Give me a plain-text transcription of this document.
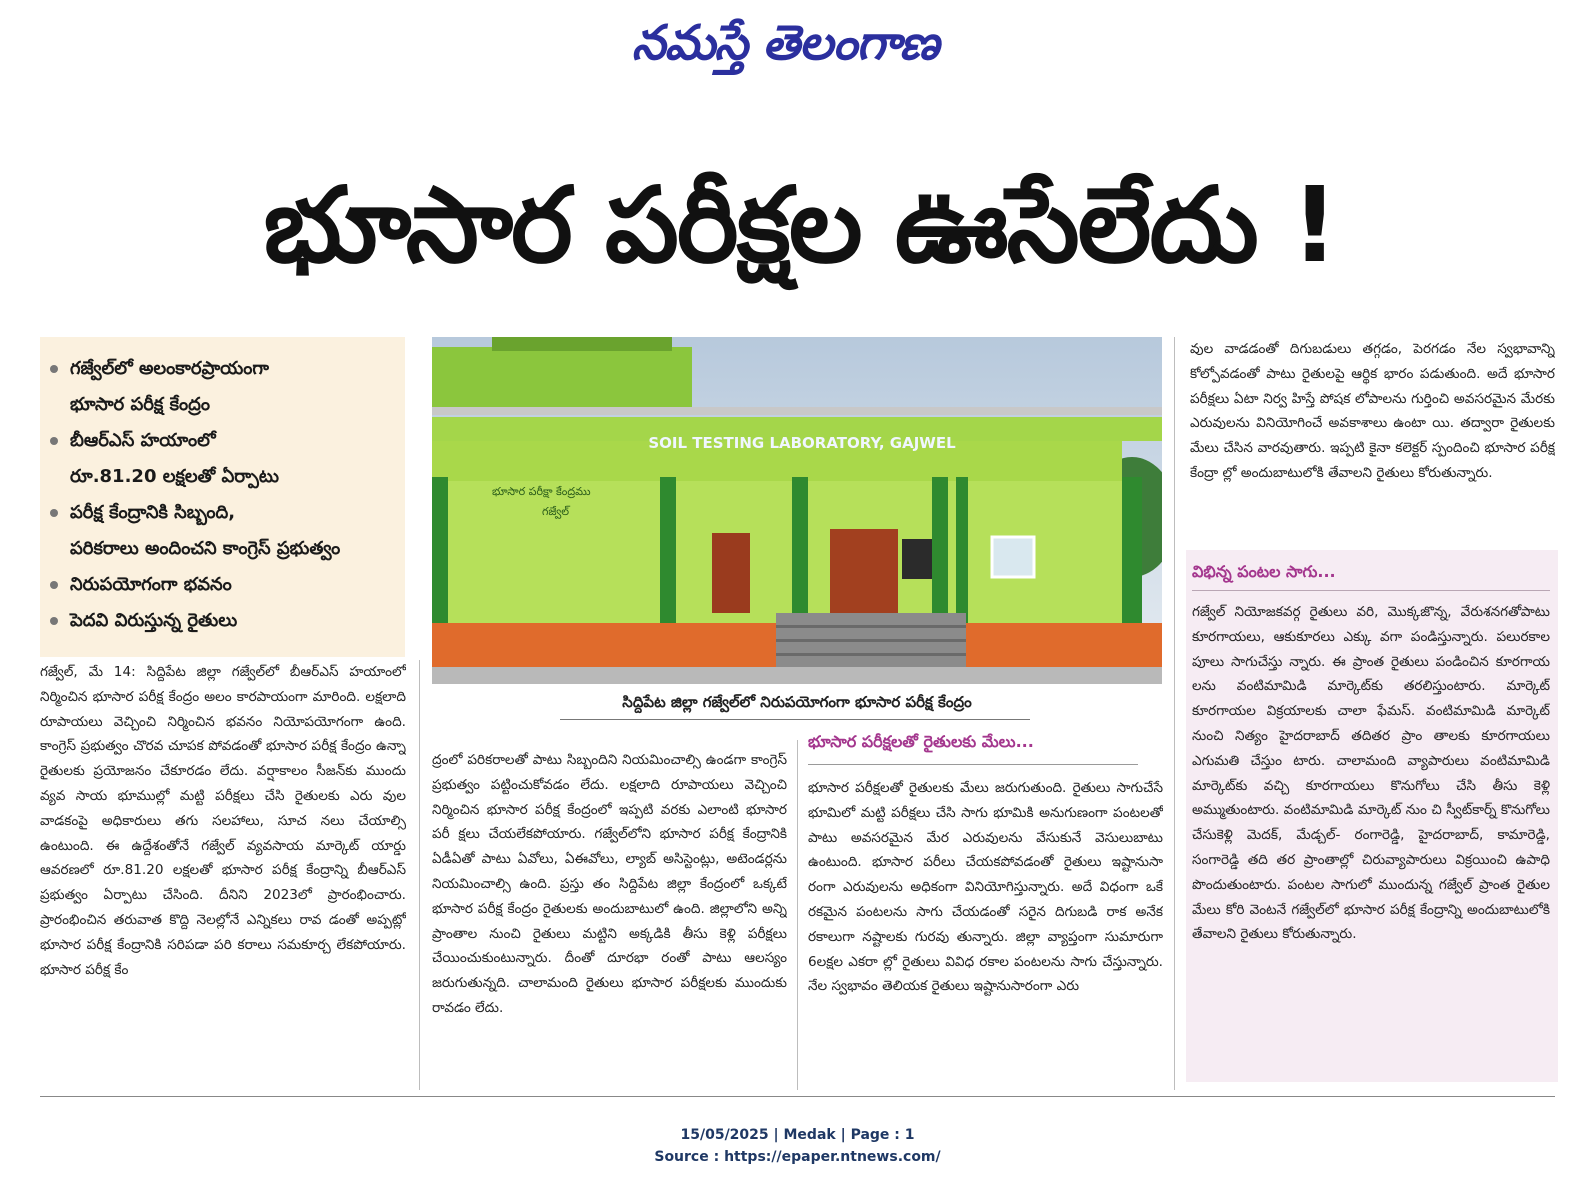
నమస్తే తెలంగాణ
భూసార పరీక్షల ఊసేలేదు !
గజ్వేల్‌లో అలంకారప్రాయంగా
భూసార పరీక్ష కేంద్రం
బీఆర్‌ఎస్ హయాంలో
రూ.81.20 లక్షలతో ఏర్పాటు
పరీక్ష కేంద్రానికి సిబ్బంది,
పరికరాలు అందించని కాంగ్రెస్ ప్రభుత్వం
నిరుపయోగంగా భవనం
పెదవి విరుస్తున్న రైతులు
SOIL TESTING LABORATORY, GAJWEL
భూసార పరీక్షా కేంద్రము
గజ్వేల్
సిద్దిపేట జిల్లా గజ్వేల్‌లో నిరుపయోగంగా భూసార పరీక్ష కేంద్రం

గజ్వేల్, మే 14: సిద్దిపేట జిల్లా గజ్వేల్‌లో బీఆర్‌ఎస్ హయాంలో నిర్మించిన భూసార పరీక్ష కేంద్రం అలం కారపాయంగా మారింది. లక్షలాది రూపాయలు వెచ్చించి నిర్మించిన భవనం నియోపయోగంగా ఉంది. కాంగ్రెస్ ప్రభుత్వం చొరవ చూపక పోవడంతో భూసార పరీక్ష కేంద్రం ఉన్నా రైతులకు ప్రయోజనం చేకూరడం లేదు. వర్షాకాలం సీజన్‌కు ముందు వ్యవ సాయ భూముల్లో మట్టి పరీక్షలు చేసి రైతులకు ఎరు వుల వాడకంపై అధికారులు తగు సలహాలు, సూచ నలు చేయాల్సి ఉంటుంది. ఈ ఉద్దేశంతోనే గజ్వేల్ వ్యవసాయ మార్కెట్ యార్డు ఆవరణలో రూ.81.20 లక్షలతో భూసార పరీక్ష కేంద్రాన్ని బీఆర్‌ఎస్ ప్రభుత్వం ఏర్పాటు చేసింది. దీనిని 2023లో ప్రారంభించారు. ప్రారంభించిన తరువాత కొద్ది నెలల్లోనే ఎన్నికలు రావ డంతో అప్పట్లో భూసార పరీక్ష కేంద్రానికి సరిపడా పరి కరాలు సమకూర్చ లేకపోయారు. భూసార పరీక్ష కేం

ద్రంలో పరికరాలతో పాటు సిబ్బందిని నియమించాల్సి ఉండగా కాంగ్రెస్ ప్రభుత్వం పట్టించుకోవడం లేదు. లక్షలాది రూపాయలు వెచ్చించి నిర్మించిన భూసార పరీక్ష కేంద్రంలో ఇప్పటి వరకు ఎలాంటి భూసార పరీ క్షలు చేయలేకపోయారు. గజ్వేల్‌లోని భూసార పరీక్ష కేంద్రానికి ఏడీఏతో పాటు ఏవోలు, ఏఈవోలు, ల్యాబ్ అసిస్టెంట్లు, అటెండర్లను నియమించాల్సి ఉంది. ప్రస్తు తం సిద్దిపేట జిల్లా కేంద్రంలో ఒక్కటే భూసార పరీక్ష కేంద్రం రైతులకు అందుబాటులో ఉంది. జిల్లాలోని అన్ని ప్రాంతాల నుంచి రైతులు మట్టిని అక్కడికి తీసు కెళ్లి పరీక్షలు చేయించుకుంటున్నారు. దీంతో దూరభా రంతో పాటు ఆలస్యం జరుగుతున్నది. చాలామంది రైతులు భూసార పరీక్షలకు ముందుకు రావడం లేదు.

భూసార పరీక్షలతో రైతులకు మేలు...

భూసార పరీక్షలతో రైతులకు మేలు జరుగుతుంది. రైతులు సాగుచేసే భూమిలో మట్టి పరీక్షలు చేసి సాగు భూమికి అనుగుణంగా పంటలతో పాటు అవసరమైన మేర ఎరువులను వేసుకునే వెసులుబాటు ఉంటుంది. భూసార పరీలు చేయకపోవడంతో రైతులు ఇష్టానుసా రంగా ఎరువులను అధికంగా వినియోగిస్తున్నారు. అదే విధంగా ఒకే రకమైన పంటలను సాగు చేయడంతో సరైన దిగుబడి రాక అనేక రకాలుగా నష్టాలకు గురవు తున్నారు. జిల్లా వ్యాప్తంగా సుమారుగా 6లక్షల ఎకరా ల్లో రైతులు వివిధ రకాల పంటలను సాగు చేస్తున్నారు. నేల స్వభావం తెలియక రైతులు ఇష్టానుసారంగా ఎరు

వుల వాడడంతో దిగుబడులు తగ్గడం, పెరగడం నేల స్వభావాన్ని కోల్పోవడంతో పాటు రైతులపై ఆర్థిక భారం పడుతుంది. అదే భూసార పరీక్షలు ఏటా నిర్వ హిస్తే పోషక లోపాలను గుర్తించి అవసరమైన మేరకు ఎరువులను వినియోగించే అవకాశాలు ఉంటా యి. తద్వారా రైతులకు మేలు చేసిన వారవుతారు. ఇప్పటి కైనా కలెక్టర్ స్పందించి భూసార పరీక్ష కేంద్రా ల్లో అందుబాటులోకి తేవాలని రైతులు కోరుతున్నారు.

విభిన్న పంటల సాగు...

గజ్వేల్ నియోజకవర్గ రైతులు వరి, మొక్కజొన్న, వేరుశనగతోపాటు కూరగాయలు, ఆకుకూరలు ఎక్కు వగా పండిస్తున్నారు. పలురకాల పూలు సాగుచేస్తు న్నారు. ఈ ప్రాంత రైతులు పండించిన కూరగాయ లను వంటిమామిడి మార్కెట్‌కు తరలిస్తుంటారు. మార్కెట్ కూరగాయల విక్రయాలకు చాలా ఫేమస్. వంటిమామిడి మార్కెట్ నుంచి నిత్యం హైదరాబాద్ తదితర ప్రాం తాలకు కూరగాయలు ఎగుమతి చేస్తుం టారు. చాలామంది వ్యాపారులు వంటిమామిడి మార్కెట్‌కు వచ్చి కూరగాయలు కొనుగోలు చేసి తీసు కెళ్లి అమ్ముతుంటారు. వంటిమామిడి మార్కెట్ నుం చి స్వీట్‌కార్న్ కొనుగోలు చేసుకెళ్లి మెదక్, మేడ్చల్- రంగారెడ్డి, హైదరాబాద్, కామారెడ్డి, సంగారెడ్డి తది తర ప్రాంతాల్లో చిరువ్యాపారులు విక్రయించి ఉపాధి పొందుతుంటారు. పంటల సాగులో ముందున్న గజ్వేల్ ప్రాంత రైతుల మేలు కోరి వెంటనే గజ్వేల్‌లో భూసార పరీక్ష కేంద్రాన్ని అందుబాటులోకి తేవాలని రైతులు కోరుతున్నారు.

15/05/2025 | Medak | Page : 1
Source : https://epaper.ntnews.com/
